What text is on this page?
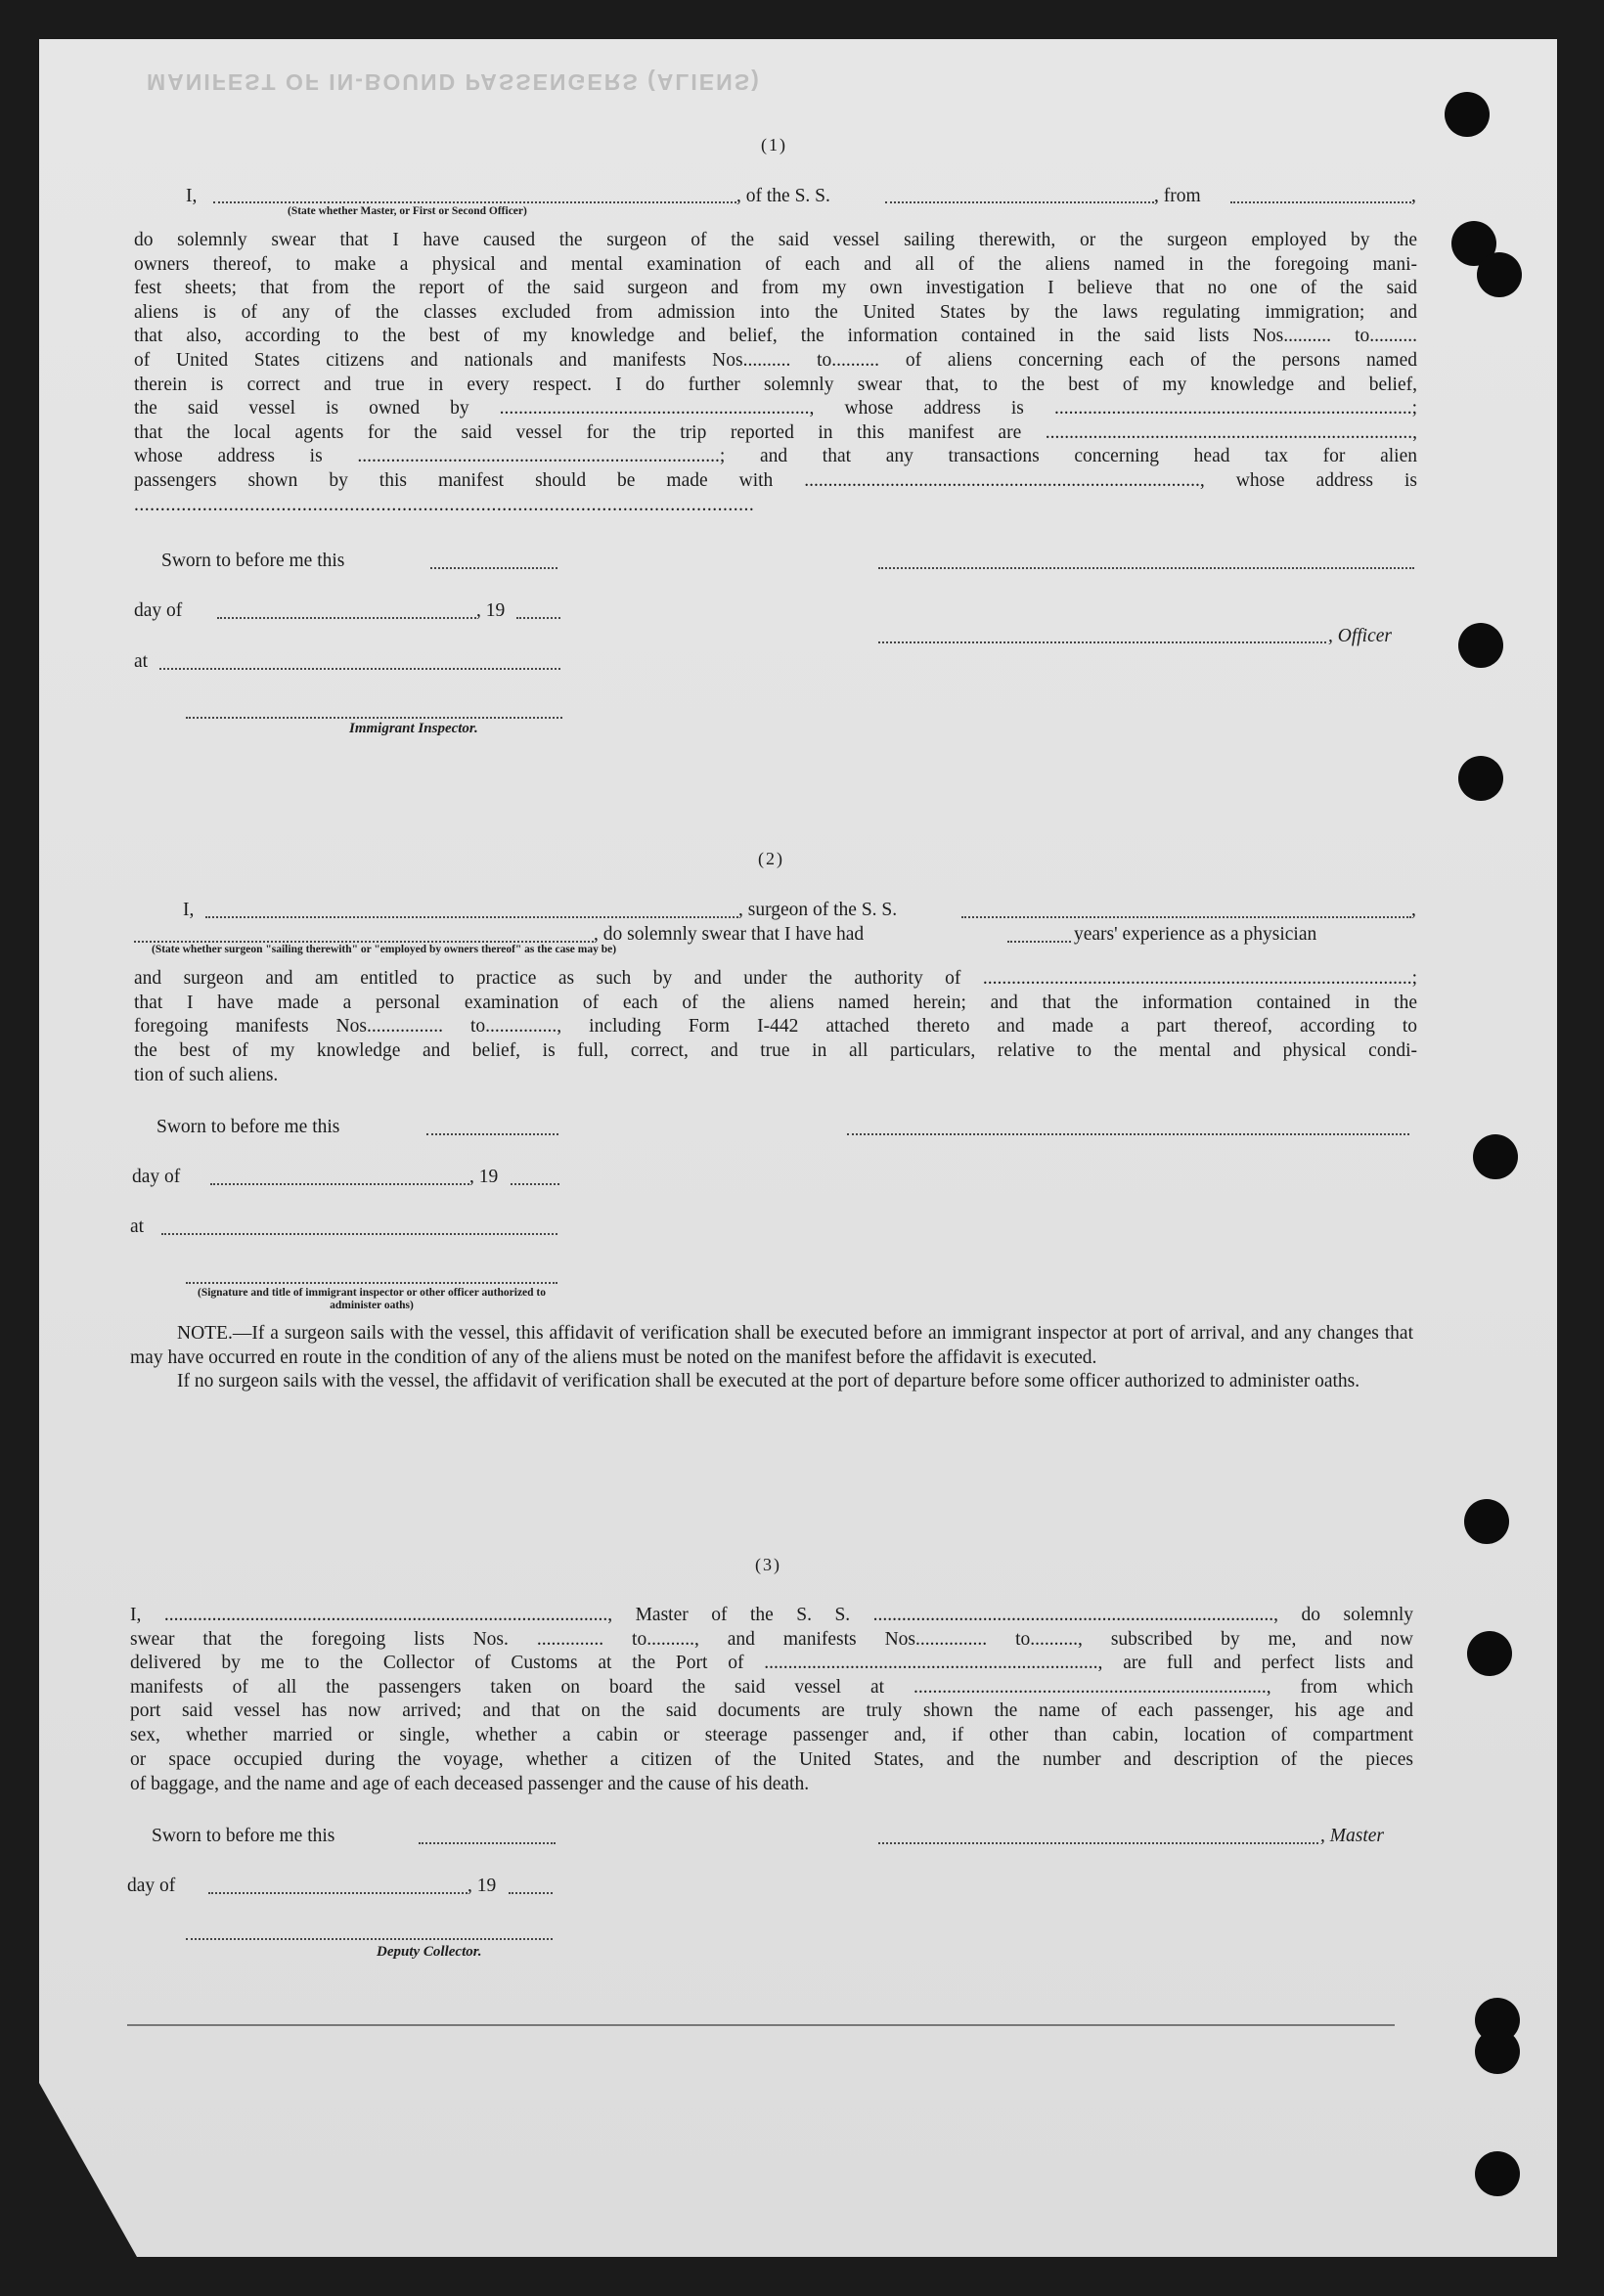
MANIFEST OF IN-BOUND PASSENGERS (ALIENS)
(1)
I,	, of the S. S.	, from	,
(State whether Master, or First or Second Officer)
do solemnly swear that I have caused the surgeon of the said vessel sailing therewith, or the surgeon employed by the
owners thereof, to make a physical and mental examination of each and all of the aliens named in the foregoing mani-
fest sheets; that from the report of the said surgeon and from my own investigation I believe that no one of the said
aliens is of any of the classes excluded from admission into the United States by the laws regulating immigration; and
that also, according to the best of my knowledge and belief, the information contained in the said lists Nos.......... to..........
of United States citizens and nationals and manifests Nos.......... to.......... of aliens concerning each of the persons named
therein is correct and true in every respect. I do further solemnly swear that, to the best of my knowledge and belief,
the said vessel is owned by ................................................................., whose address is ...........................................................................;
that the local agents for the said vessel for the trip reported in this manifest are .............................................................................,
whose address is ............................................................................; and that any transactions concerning head tax for alien
passengers shown by this manifest should be made with ..................................................................................., whose address is
......................................................................................................................
Sworn to before me this
day of	, 19
, Officer
at
Immigrant Inspector.
(2)
I,	, surgeon of the S. S.	,
, do solemnly swear that I have had	years' experience as a physician
(State whether surgeon "sailing therewith" or "employed by owners thereof" as the case may be)
and surgeon and am entitled to practice as such by and under the authority of ..........................................................................................;
that I have made a personal examination of each of the aliens named herein; and that the information contained in the
foregoing manifests Nos................ to..............., including Form I-442 attached thereto and made a part thereof, according to
the best of my knowledge and belief, is full, correct, and true in all particulars, relative to the mental and physical condi-
tion of such aliens.
Sworn to before me this
day of	, 19
at
(Signature and title of immigrant inspector or other officer authorized to administer oaths)

NOTE.—If a surgeon sails with the vessel, this affidavit of verification shall be executed before an immigrant inspector at port of arrival, and any changes that may have occurred en route in the condition of any of the aliens must be noted on the manifest before the affidavit is executed.

If no surgeon sails with the vessel, the affidavit of verification shall be executed at the port of departure before some officer authorized to administer oaths.

(3)
I, ............................................................................................., Master of the S. S. ...................................................................................., do solemnly
swear that the foregoing lists Nos. .............. to.........., and manifests Nos............... to.........., subscribed by me, and now
delivered by me to the Collector of Customs at the Port of ......................................................................, are full and perfect lists and
manifests of all the passengers taken on board the said vessel at .........................................................................., from which
port said vessel has now arrived; and that on the said documents are truly shown the name of each passenger, his age and
sex, whether married or single, whether a cabin or steerage passenger and, if other than cabin, location of compartment
or space occupied during the voyage, whether a citizen of the United States, and the number and description of the pieces
of baggage, and the name and age of each deceased passenger and the cause of his death.
Sworn to before me this	, Master
day of	, 19
Deputy Collector.
